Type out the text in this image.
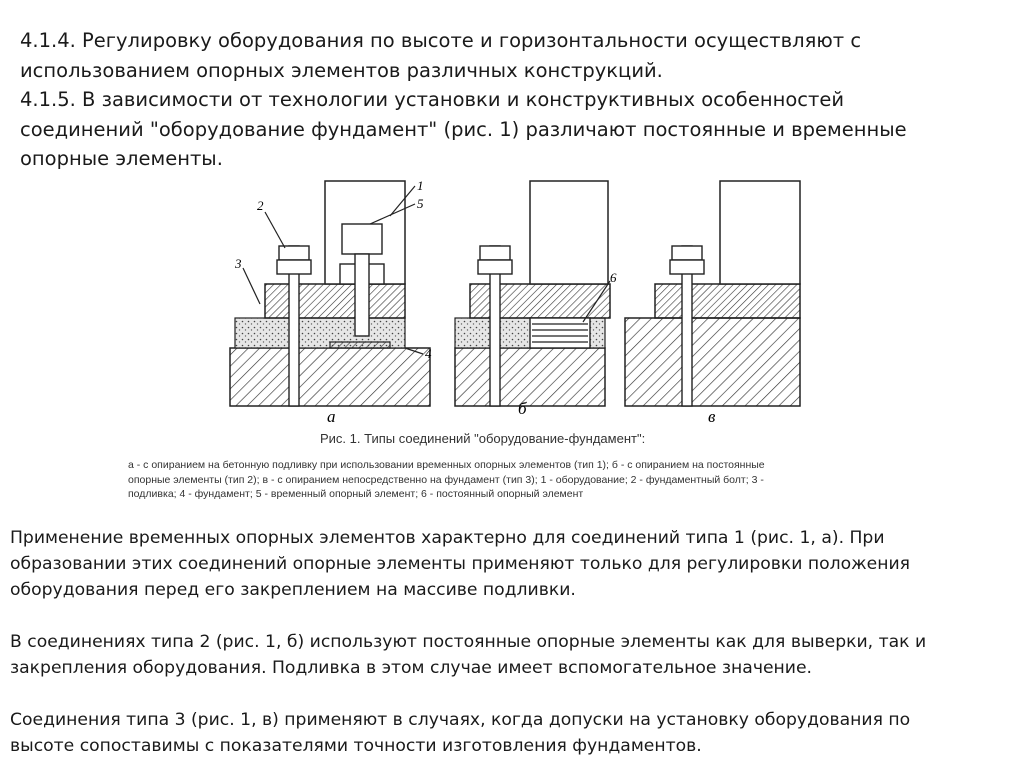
4.1.4. Регулировку оборудования по высоте и горизонтальности осуществляют с
использованием опорных элементов различных конструкций.

4.1.5. В зависимости от технологии установки и конструктивных особенностей
соединений "оборудование фундамент" (рис. 1) различают постоянные и временные
опорные элементы.

1
2
3
4
5
6
а	б	в
Рис. 1. Типы соединений "оборудование-фундамент":

а - с опиранием на бетонную подливку при использовании временных опорных элементов (тип 1); б - с опиранием на постоянные

опорные элементы (тип 2); в - с опиранием непосредственно на фундамент (тип 3); 1 - оборудование; 2 - фундаментный болт; 3 -

подливка; 4 - фундамент; 5 - временный опорный элемент; 6 - постоянный опорный элемент

Применение временных опорных элементов характерно для соединений типа 1 (рис. 1, а). При
образовании этих соединений опорные элементы применяют только для регулировки положения
оборудования перед его закреплением на массиве подливки.

В соединениях типа 2 (рис. 1, б) используют постоянные опорные элементы как для выверки, так и
закрепления оборудования. Подливка в этом случае имеет вспомогательное значение.

Соединения типа 3 (рис. 1, в) применяют в случаях, когда допуски на установку оборудования по
высоте сопоставимы с показателями точности изготовления фундаментов.
